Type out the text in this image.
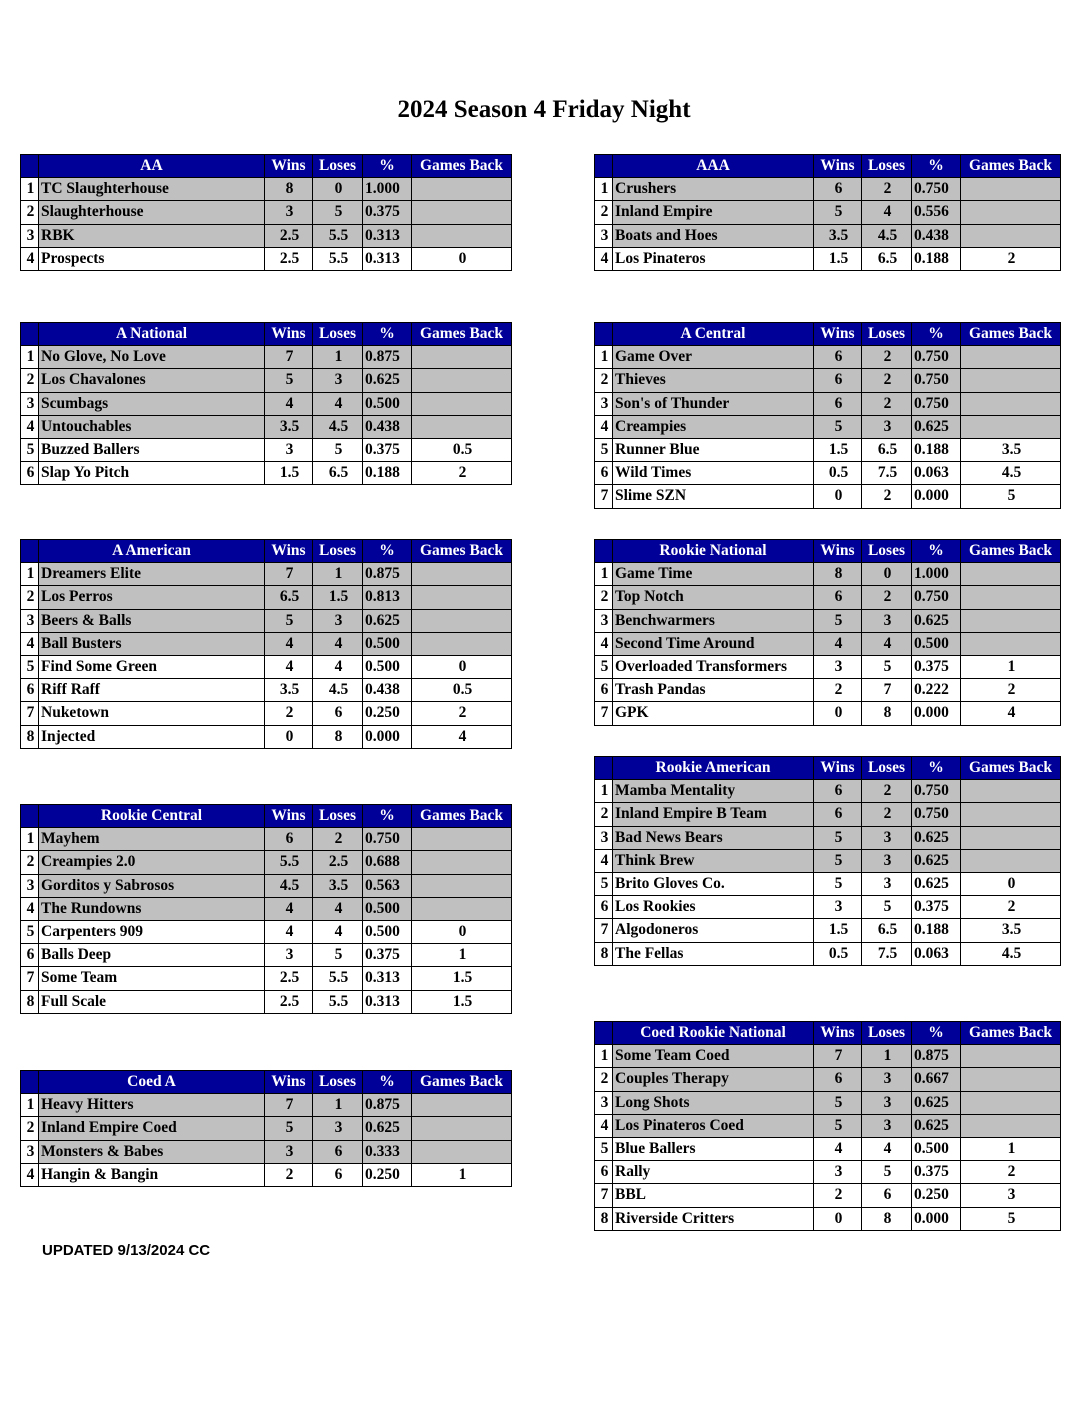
2024 Season 4 Friday Night
	AA	Wins	Loses	%	Games Back
1	TC Slaughterhouse	8	0	1.000	
2	Slaughterhouse	3	5	0.375	
3	RBK	2.5	5.5	0.313	
4	Prospects	2.5	5.5	0.313	0
	AAA	Wins	Loses	%	Games Back
1	Crushers	6	2	0.750	
2	Inland Empire	5	4	0.556	
3	Boats and Hoes	3.5	4.5	0.438	
4	Los Pinateros	1.5	6.5	0.188	2
	A National	Wins	Loses	%	Games Back
1	No Glove, No Love	7	1	0.875	
2	Los Chavalones	5	3	0.625	
3	Scumbags	4	4	0.500	
4	Untouchables	3.5	4.5	0.438	
5	Buzzed Ballers	3	5	0.375	0.5
6	Slap Yo Pitch	1.5	6.5	0.188	2
	A Central	Wins	Loses	%	Games Back
1	Game Over	6	2	0.750	
2	Thieves	6	2	0.750	
3	Son's of Thunder	6	2	0.750	
4	Creampies	5	3	0.625	
5	Runner Blue	1.5	6.5	0.188	3.5
6	Wild Times	0.5	7.5	0.063	4.5
7	Slime SZN	0	2	0.000	5
	A American	Wins	Loses	%	Games Back
1	Dreamers Elite	7	1	0.875	
2	Los Perros	6.5	1.5	0.813	
3	Beers & Balls	5	3	0.625	
4	Ball Busters	4	4	0.500	
5	Find Some Green	4	4	0.500	0
6	Riff Raff	3.5	4.5	0.438	0.5
7	Nuketown	2	6	0.250	2
8	Injected	0	8	0.000	4
	Rookie National	Wins	Loses	%	Games Back
1	Game Time	8	0	1.000	
2	Top Notch	6	2	0.750	
3	Benchwarmers	5	3	0.625	
4	Second Time Around	4	4	0.500	
5	Overloaded Transformers	3	5	0.375	1
6	Trash Pandas	2	7	0.222	2
7	GPK	0	8	0.000	4
	Rookie American	Wins	Loses	%	Games Back
1	Mamba Mentality	6	2	0.750	
2	Inland Empire B Team	6	2	0.750	
3	Bad News Bears	5	3	0.625	
4	Think Brew	5	3	0.625	
5	Brito Gloves Co.	5	3	0.625	0
6	Los Rookies	3	5	0.375	2
7	Algodoneros	1.5	6.5	0.188	3.5
8	The Fellas	0.5	7.5	0.063	4.5
	Rookie Central	Wins	Loses	%	Games Back
1	Mayhem	6	2	0.750	
2	Creampies 2.0	5.5	2.5	0.688	
3	Gorditos y Sabrosos	4.5	3.5	0.563	
4	The Rundowns	4	4	0.500	
5	Carpenters 909	4	4	0.500	0
6	Balls Deep	3	5	0.375	1
7	Some Team	2.5	5.5	0.313	1.5
8	Full Scale	2.5	5.5	0.313	1.5
	Coed Rookie National	Wins	Loses	%	Games Back
1	Some Team Coed	7	1	0.875	
2	Couples Therapy	6	3	0.667	
3	Long Shots	5	3	0.625	
4	Los Pinateros Coed	5	3	0.625	
5	Blue Ballers	4	4	0.500	1
6	Rally	3	5	0.375	2
7	BBL	2	6	0.250	3
8	Riverside Critters	0	8	0.000	5
	Coed A	Wins	Loses	%	Games Back
1	Heavy Hitters	7	1	0.875	
2	Inland Empire Coed	5	3	0.625	
3	Monsters & Babes	3	6	0.333	
4	Hangin & Bangin	2	6	0.250	1
UPDATED 9/13/2024 CC
